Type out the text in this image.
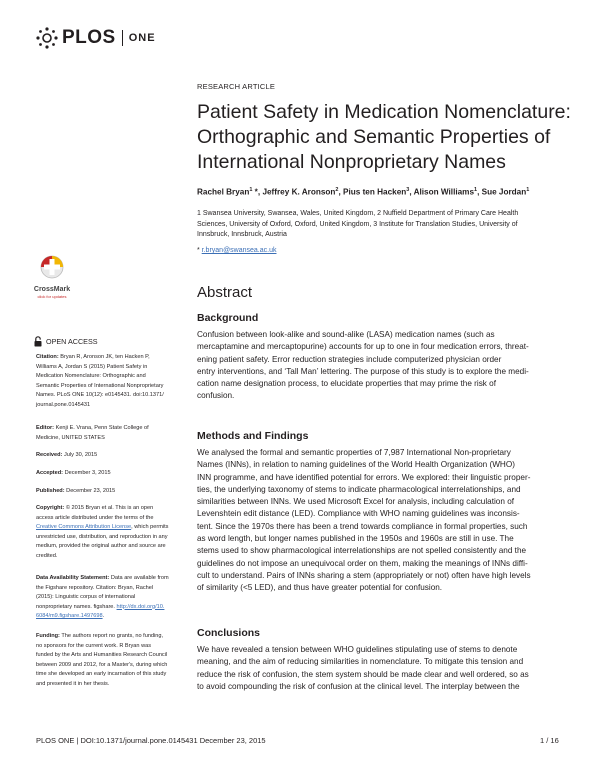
PLOS ONE
RESEARCH ARTICLE
Patient Safety in Medication Nomenclature:
Orthographic and Semantic Properties of
International Nonproprietary Names
Rachel Bryan$^1$ *, Jeffrey K. Aronson$^2$, Pius ten Hacken$^3$, Alison Williams$^1$, Sue Jordan$^1$
1 Swansea University, Swansea, Wales, United Kingdom, 2 Nuffield Department of Primary Care Health
Sciences, University of Oxford, Oxford, United Kingdom, 3 Institute for Translation Studies, University of
Innsbruck, Innsbruck, Austria
* r.bryan@swansea.ac.uk
CrossMark
click for updates	Abstract
Background
Confusion between look-alike and sound-alike (LASA) medication names (such as
mercaptamine and mercaptopurine) accounts for up to one in four medication errors, threat-
ening patient safety. Error reduction strategies include computerized physician order
entry interventions, and ‘Tall Man’ lettering. The purpose of this study is to explore the medi-
cation name designation process, to elucidate properties that may prime the risk of
confusion.
Methods and Findings
We analysed the formal and semantic properties of 7,987 International Non-proprietary
Names (INNs), in relation to naming guidelines of the World Health Organization (WHO)
INN programme, and have identified potential for errors. We explored: their linguistic proper-
ties, the underlying taxonomy of stems to indicate pharmacological interrelationships, and
similarities between INNs. We used Microsoft Excel for analysis, including calculation of
Levenshtein edit distance (LED). Compliance with WHO naming guidelines was inconsis-
tent. Since the 1970s there has been a trend towards compliance in formal properties, such
as word length, but longer names published in the 1950s and 1960s are still in use. The
stems used to show pharmacological interrelationships are not spelled consistently and the
guidelines do not impose an unequivocal order on them, making the meanings of INNs diffi-
cult to understand. Pairs of INNs sharing a stem (appropriately or not) often have high levels
of similarity (<5 LED), and thus have greater potential for confusion.
Conclusions
We have revealed a tension between WHO guidelines stipulating use of stems to denote
meaning, and the aim of reducing similarities in nomenclature. To mitigate this tension and
reduce the risk of confusion, the stem system should be made clear and well ordered, so as
to avoid compounding the risk of confusion at the clinical level. The interplay between the
OPEN ACCESS
Citation: Bryan R, Aronson JK, ten Hacken P,
Williams A, Jordan S (2015) Patient Safety in
Medication Nomenclature: Orthographic and
Semantic Properties of International Nonproprietary
Names. PLoS ONE 10(12): e0145431. doi:10.1371/
journal.pone.0145431
Editor: Kenji E. Vrana, Penn State College of
Medicine, UNITED STATES
Received: July 30, 2015
Accepted: December 3, 2015
Published: December 23, 2015
Copyright: © 2015 Bryan et al. This is an open
access article distributed under the terms of the
Creative Commons Attribution License, which permits
unrestricted use, distribution, and reproduction in any
medium, provided the original author and source are
credited.
Data Availability Statement: Data are available from
the Figshare repository. Citation: Bryan, Rachel
(2015): Linguistic corpus of international
nonproprietary names. figshare. http://dx.doi.org/10.
6084/m9.figshare.1497698.
Funding: The authors report no grants, no funding,
no sponsors for the current work. R Bryan was
funded by the Arts and Humanities Research Council
between 2009 and 2012, for a Master's, during which
time she developed an early incarnation of this study
and presented it in her thesis.
PLOS ONE | DOI:10.1371/journal.pone.0145431 December 23, 2015	1 / 16
